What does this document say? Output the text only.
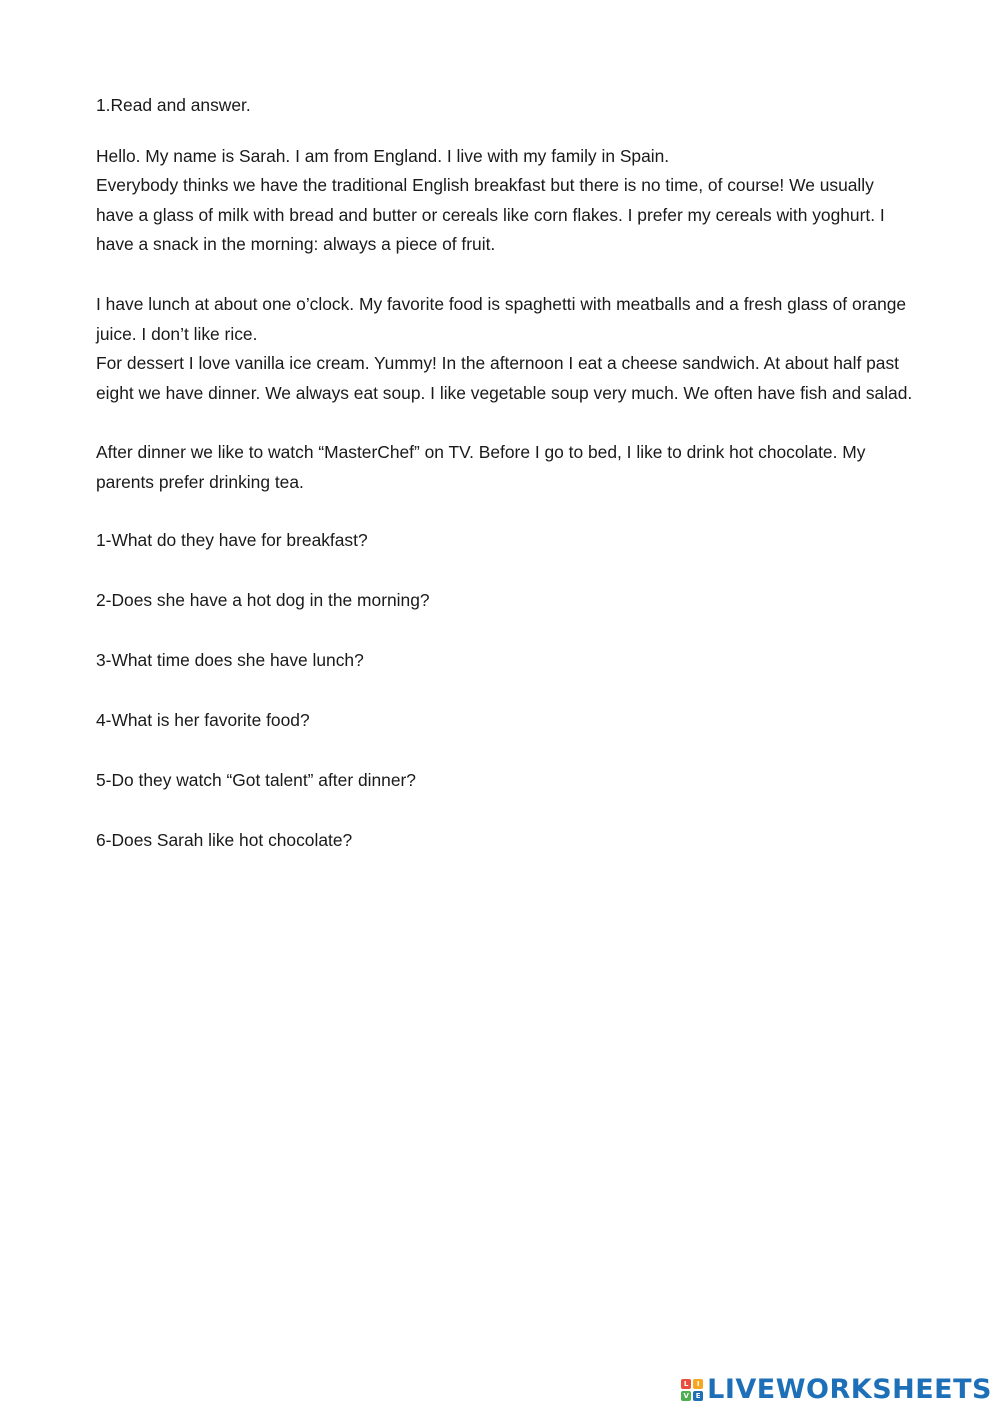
1.Read and answer.

Hello. My name is Sarah. I am from England. I live with my family in Spain.

Everybody thinks we have the traditional English breakfast but there is no time, of course! We usually have a glass of milk with bread and butter or cereals like corn flakes. I prefer my cereals with yoghurt. I have a snack in the morning: always a piece of fruit.

I have lunch at about one o’clock. My favorite food is spaghetti with meatballs and a fresh glass of orange juice. I don’t like rice.

For dessert I love vanilla ice cream. Yummy! In the afternoon I eat a cheese sandwich. At about half past eight we have dinner. We always eat soup. I like vegetable soup very much. We often have fish and salad.

After dinner we like to watch “MasterChef” on TV. Before I go to bed, I like to drink hot chocolate. My parents prefer drinking tea.

1-What do they have for breakfast?

2-Does she have a hot dog in the morning?

3-What time does she have lunch?

4-What is her favorite food?

5-Do they watch “Got talent” after dinner?

6-Does Sarah like hot chocolate?

L	I
V E LIVEWORKSHEETS
